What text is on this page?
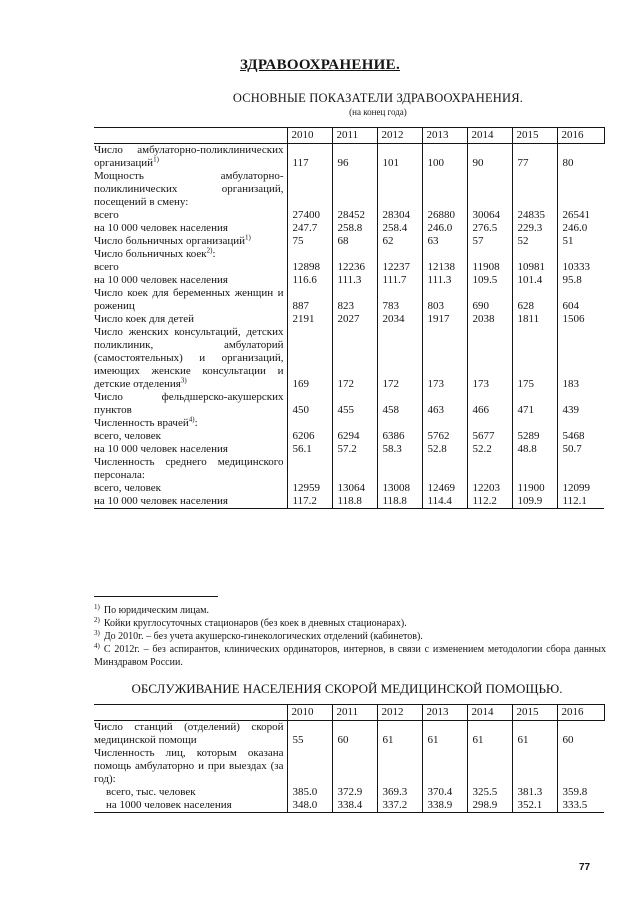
ЗДРАВООХРАНЕНИЕ.
ОСНОВНЫЕ ПОКАЗАТЕЛИ ЗДРАВООХРАНЕНИЯ.
(на конец года)
	2010	2011	2012	2013	2014	2015	2016

Число амбулаторно-поликлинических организаций$^{1)}$	117	96	101	100	90	77	80

Мощность амбулаторно-поликлинических организаций, посещений в смену:							

всего	27400	28452	28304	26880	30064	24835	26541

на 10 000 человек населения	247.7	258.8	258.4	246.0	276.5	229.3	246.0

Число больничных организаций$^{1)}$	75	68	62	63	57	52	51

Число больничных коек$^{2)}$:							

всего	12898	12236	12237	12138	11908	10981	10333

на 10 000 человек населения	116.6	111.3	111.7	111.3	109.5	101.4	95.8

Число коек для беременных женщин и рожениц	887	823	783	803	690	628	604

Число коек для детей	2191	2027	2034	1917	2038	1811	1506

Число женских консультаций, детских поликлиник, амбулаторий (самостоятельных) и организаций, имеющих женские консультации и детские отделения$^{3)}$	169	172	172	173	173	175	183

Число фельдшерско-акушерских пунктов	450	455	458	463	466	471	439

Численность врачей$^{4)}$:							

всего, человек	6206	6294	6386	5762	5677	5289	5468

на 10 000 человек населения	56.1	57.2	58.3	52.8	52.2	48.8	50.7

Численность среднего медицинского персонала:							

всего, человек	12959	13064	13008	12469	12203	11900	12099

на 10 000 человек населения	117.2	118.8	118.8	114.4	112.2	109.9	112.1
$^{1)}$ По юридическим лицам.
$^{2)}$ Койки круглосуточных стационаров (без коек в дневных стационарах).
$^{3)}$ До 2010г. – без учета акушерско-гинекологических отделений (кабинетов).
$^{4)}$ С 2012г. – без аспирантов, клинических ординаторов, интернов, в связи с изменением методологии сбора данных Минздравом России.
ОБСЛУЖИВАНИЕ НАСЕЛЕНИЯ СКОРОЙ МЕДИЦИНСКОЙ ПОМОЩЬЮ.
	2010	2011	2012	2013	2014	2015	2016

Число станций (отделений) скорой медицинской помощи	55	60	61	61	61	61	60

Численность лиц, которым оказана помощь амбулаторно и при выездах (за год):							

всего, тыс. человек	385.0	372.9	369.3	370.4	325.5	381.3	359.8

на 1000 человек населения	348.0	338.4	337.2	338.9	298.9	352.1	333.5
77
